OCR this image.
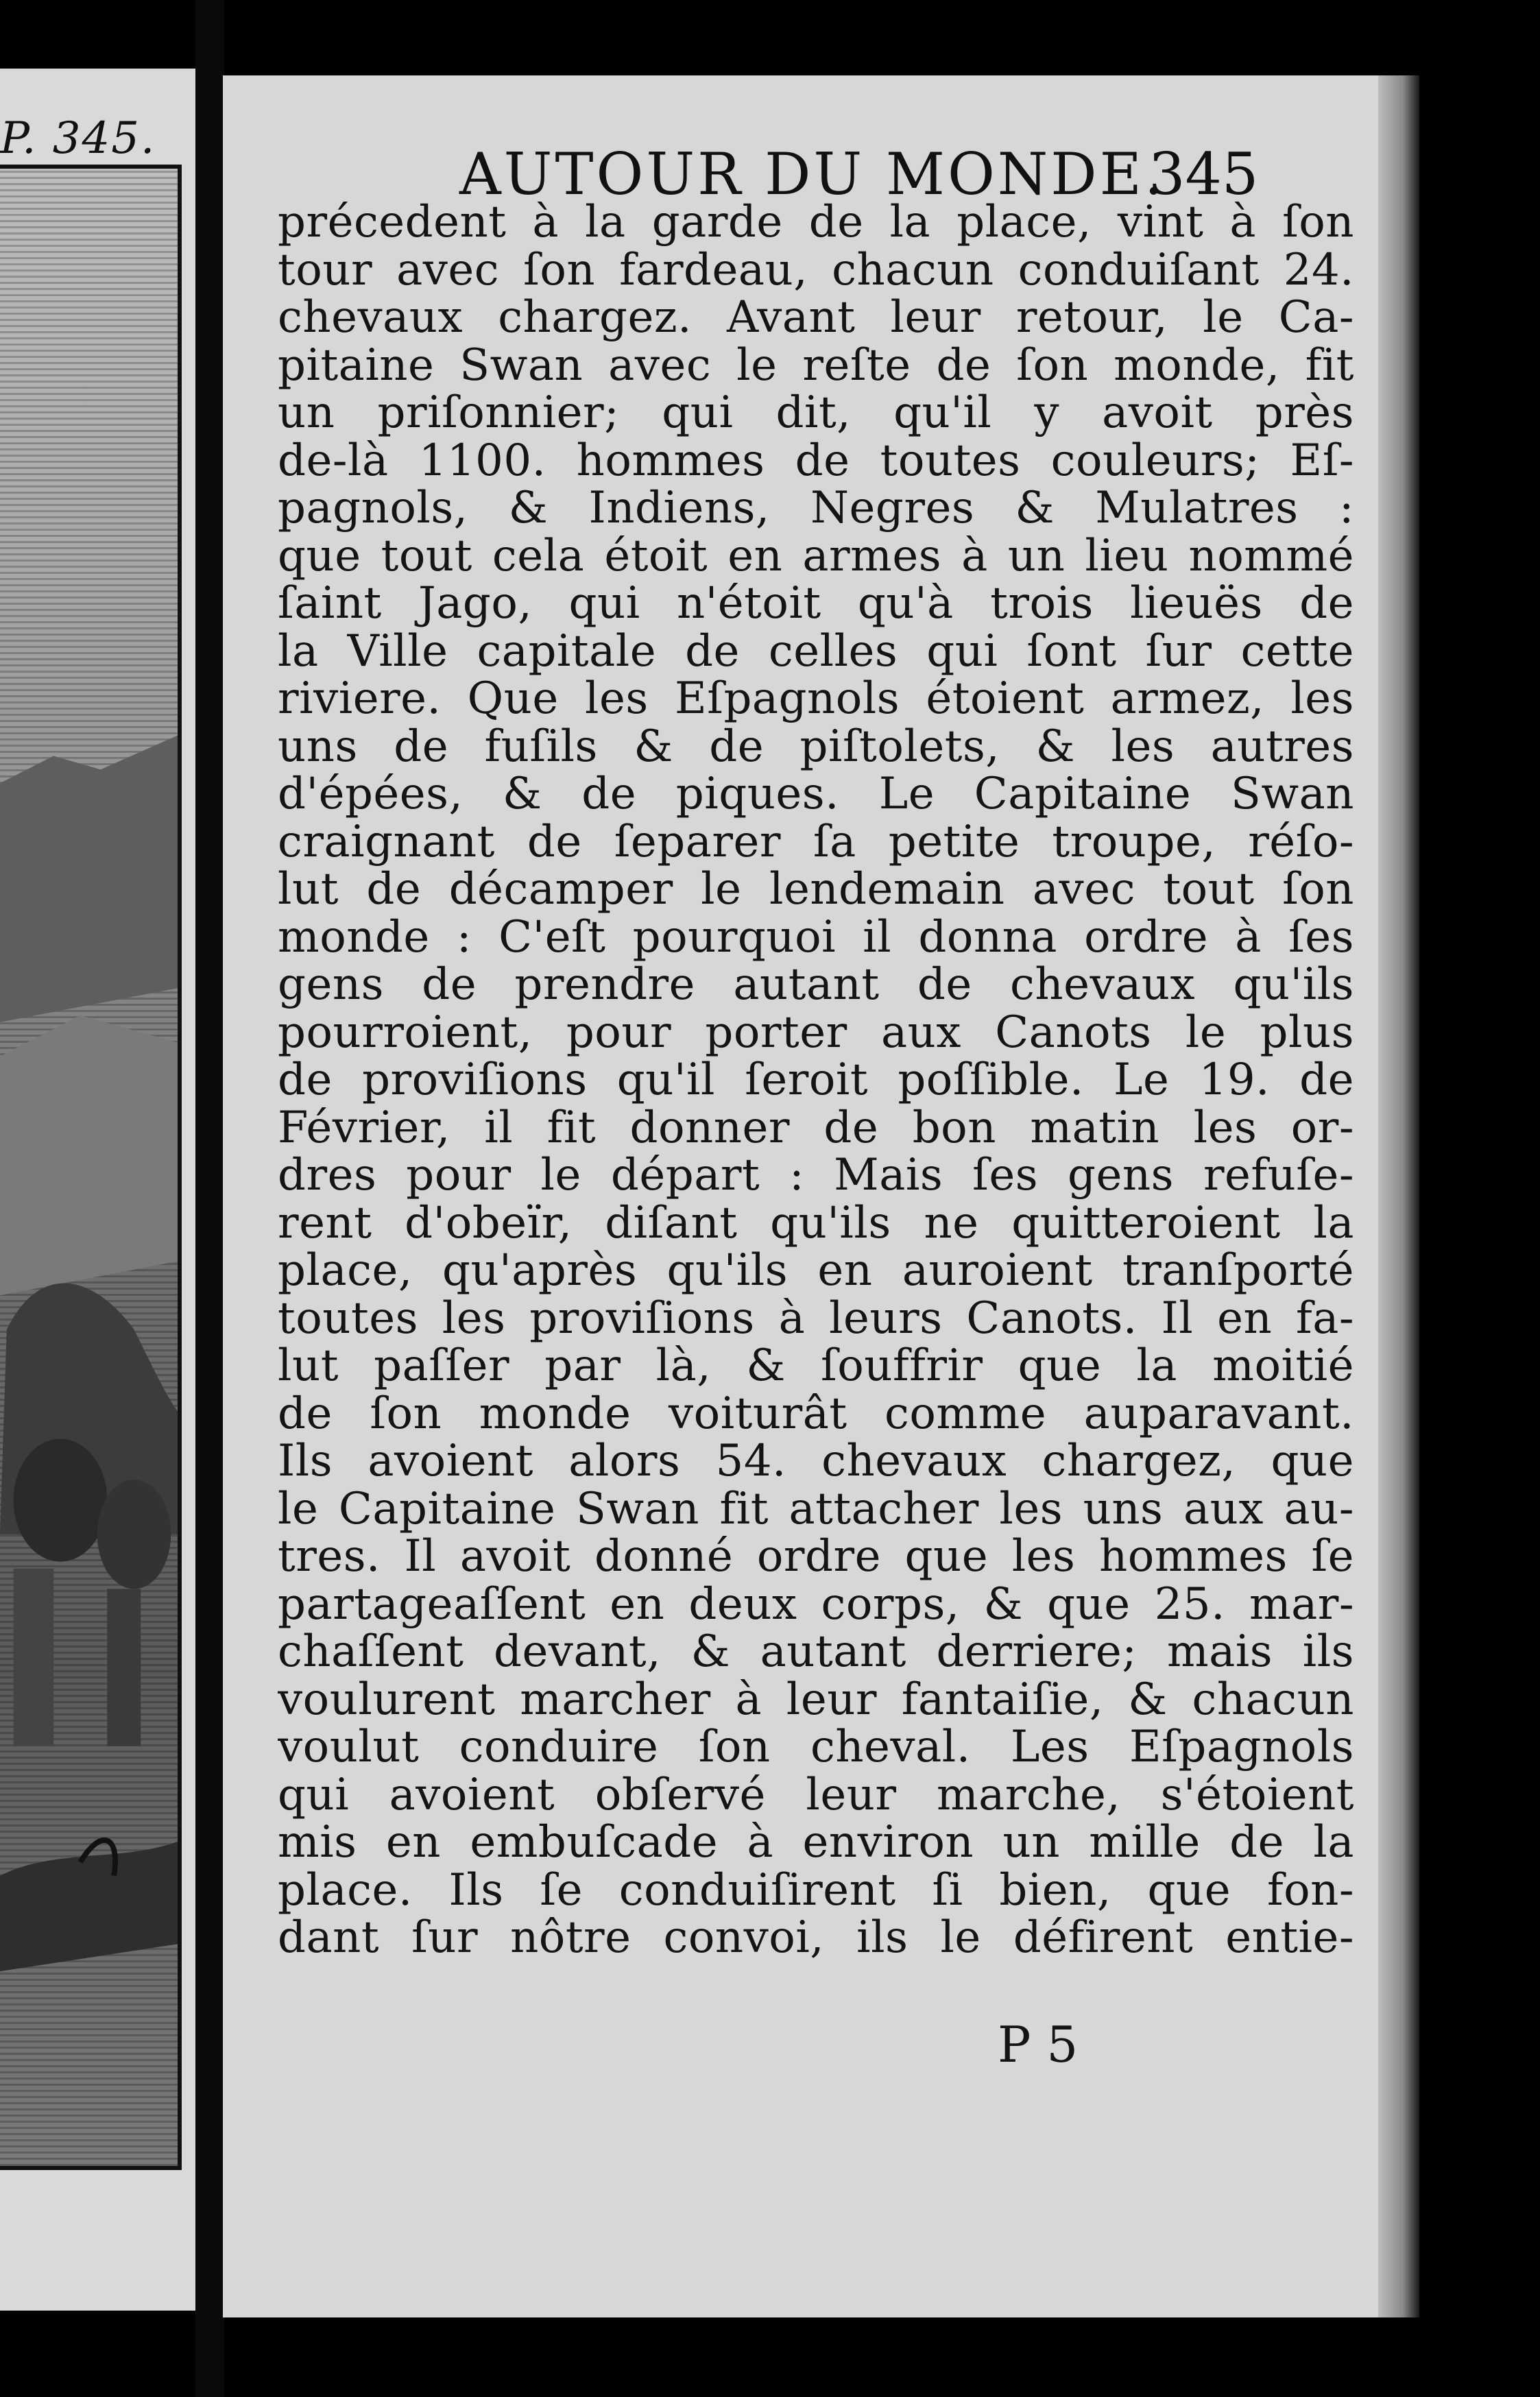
P. 345.
AUTOUR DU MONDE.
345
précedent à la garde de la place, vint à ſon
tour avec ſon fardeau, chacun conduiſant 24.
chevaux chargez. Avant leur retour, le Ca-
pitaine Swan avec le reſte de ſon monde, fit
un priſonnier; qui dit, qu'il y avoit près
de-là 1100. hommes de toutes couleurs; Eſ-
pagnols, & Indiens, Negres & Mulatres :
que tout cela étoit en armes à un lieu nommé
ſaint Jago, qui n'étoit qu'à trois lieuës de
la Ville capitale de celles qui ſont ſur cette
riviere. Que les Eſpagnols étoient armez, les
uns de fuſils & de piſtolets, & les autres
d'épées, & de piques. Le Capitaine Swan
craignant de ſeparer ſa petite troupe, réſo-
lut de décamper le lendemain avec tout ſon
monde : C'eſt pourquoi il donna ordre à ſes
gens de prendre autant de chevaux qu'ils
pourroient, pour porter aux Canots le plus
de proviſions qu'il ſeroit poſſible. Le 19. de
Février, il fit donner de bon matin les or-
dres pour le départ : Mais ſes gens refuſe-
rent d'obeïr, diſant qu'ils ne quitteroient la
place, qu'après qu'ils en auroient tranſporté
toutes les proviſions à leurs Canots. Il en fa-
lut paſſer par là, & ſouffrir que la moitié
de ſon monde voiturât comme auparavant.
Ils avoient alors 54. chevaux chargez, que
le Capitaine Swan fit attacher les uns aux au-
tres. Il avoit donné ordre que les hommes ſe
partageaſſent en deux corps, & que 25. mar-
chaſſent devant, & autant derriere; mais ils
voulurent marcher à leur fantaiſie, & chacun
voulut conduire ſon cheval. Les Eſpagnols
qui avoient obſervé leur marche, s'étoient
mis en embuſcade à environ un mille de la
place. Ils ſe conduiſirent ſi bien, que fon-
dant ſur nôtre convoi, ils le défirent entie-
P 5
